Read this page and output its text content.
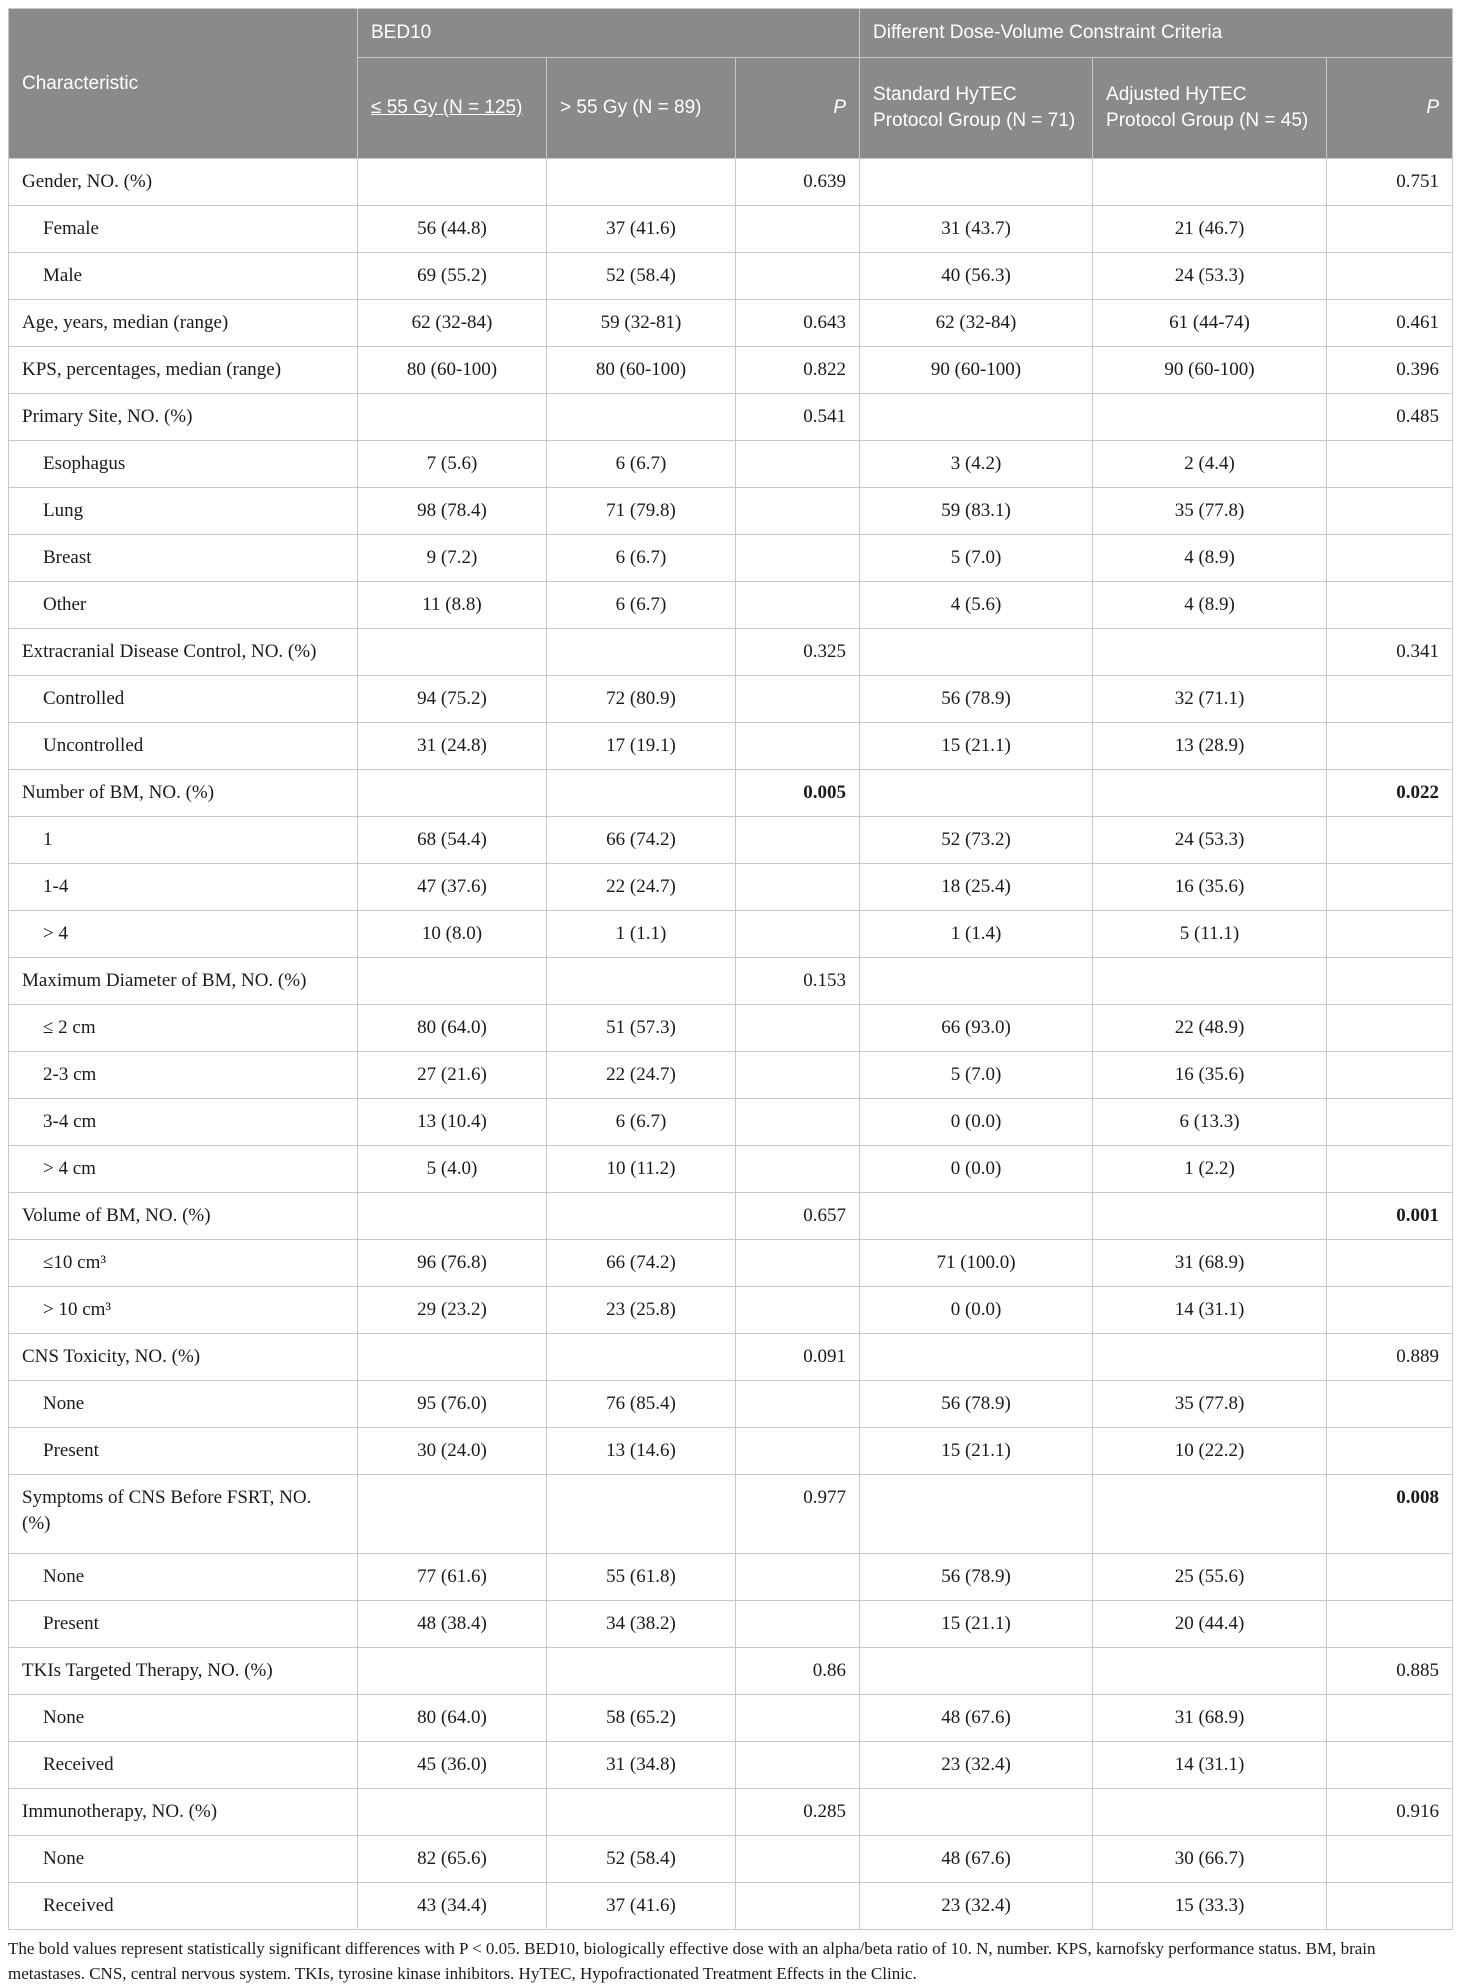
Characteristic	BED10			Different Dose-Volume Constraint Criteria		
	≤ 55 Gy (N = 125)	> 55 Gy (N = 89)	P	Standard HyTEC Protocol Group (N = 71)	Adjusted HyTEC Protocol Group (N = 45)	P
Gender, NO. (%)			0.639			0.751
Female	56 (44.8)	37 (41.6)		31 (43.7)	21 (46.7)	
Male	69 (55.2)	52 (58.4)		40 (56.3)	24 (53.3)	
Age, years, median (range)	62 (32-84)	59 (32-81)	0.643	62 (32-84)	61 (44-74)	0.461
KPS, percentages, median (range)	80 (60-100)	80 (60-100)	0.822	90 (60-100)	90 (60-100)	0.396
Primary Site, NO. (%)			0.541			0.485
Esophagus	7 (5.6)	6 (6.7)		3 (4.2)	2 (4.4)	
Lung	98 (78.4)	71 (79.8)		59 (83.1)	35 (77.8)	
Breast	9 (7.2)	6 (6.7)		5 (7.0)	4 (8.9)	
Other	11 (8.8)	6 (6.7)		4 (5.6)	4 (8.9)	
Extracranial Disease Control, NO. (%)			0.325			0.341
Controlled	94 (75.2)	72 (80.9)		56 (78.9)	32 (71.1)	
Uncontrolled	31 (24.8)	17 (19.1)		15 (21.1)	13 (28.9)	
Number of BM, NO. (%)			0.005			0.022
1	68 (54.4)	66 (74.2)		52 (73.2)	24 (53.3)	
1-4	47 (37.6)	22 (24.7)		18 (25.4)	16 (35.6)	
> 4	10 (8.0)	1 (1.1)		1 (1.4)	5 (11.1)	
Maximum Diameter of BM, NO. (%)			0.153			
≤ 2 cm	80 (64.0)	51 (57.3)		66 (93.0)	22 (48.9)	
2-3 cm	27 (21.6)	22 (24.7)		5 (7.0)	16 (35.6)	
3-4 cm	13 (10.4)	6 (6.7)		0 (0.0)	6 (13.3)	
> 4 cm	5 (4.0)	10 (11.2)		0 (0.0)	1 (2.2)	
Volume of BM, NO. (%)			0.657			0.001
≤10 cm³	96 (76.8)	66 (74.2)		71 (100.0)	31 (68.9)	
> 10 cm³	29 (23.2)	23 (25.8)		0 (0.0)	14 (31.1)	
CNS Toxicity, NO. (%)			0.091			0.889
None	95 (76.0)	76 (85.4)		56 (78.9)	35 (77.8)	
Present	30 (24.0)	13 (14.6)		15 (21.1)	10 (22.2)	
Symptoms of CNS Before FSRT, NO. (%)			0.977			0.008
None	77 (61.6)	55 (61.8)		56 (78.9)	25 (55.6)	
Present	48 (38.4)	34 (38.2)		15 (21.1)	20 (44.4)	
TKIs Targeted Therapy, NO. (%)			0.86			0.885
None	80 (64.0)	58 (65.2)		48 (67.6)	31 (68.9)	
Received	45 (36.0)	31 (34.8)		23 (32.4)	14 (31.1)	
Immunotherapy, NO. (%)			0.285			0.916
None	82 (65.6)	52 (58.4)		48 (67.6)	30 (66.7)	
Received	43 (34.4)	37 (41.6)		23 (32.4)	15 (33.3)	
The bold values represent statistically significant differences with P < 0.05. BED10, biologically effective dose with an alpha/beta ratio of 10. N, number. KPS, karnofsky performance status. BM, brain metastases. CNS, central nervous system. TKIs, tyrosine kinase inhibitors. HyTEC, Hypofractionated Treatment Effects in the Clinic.
